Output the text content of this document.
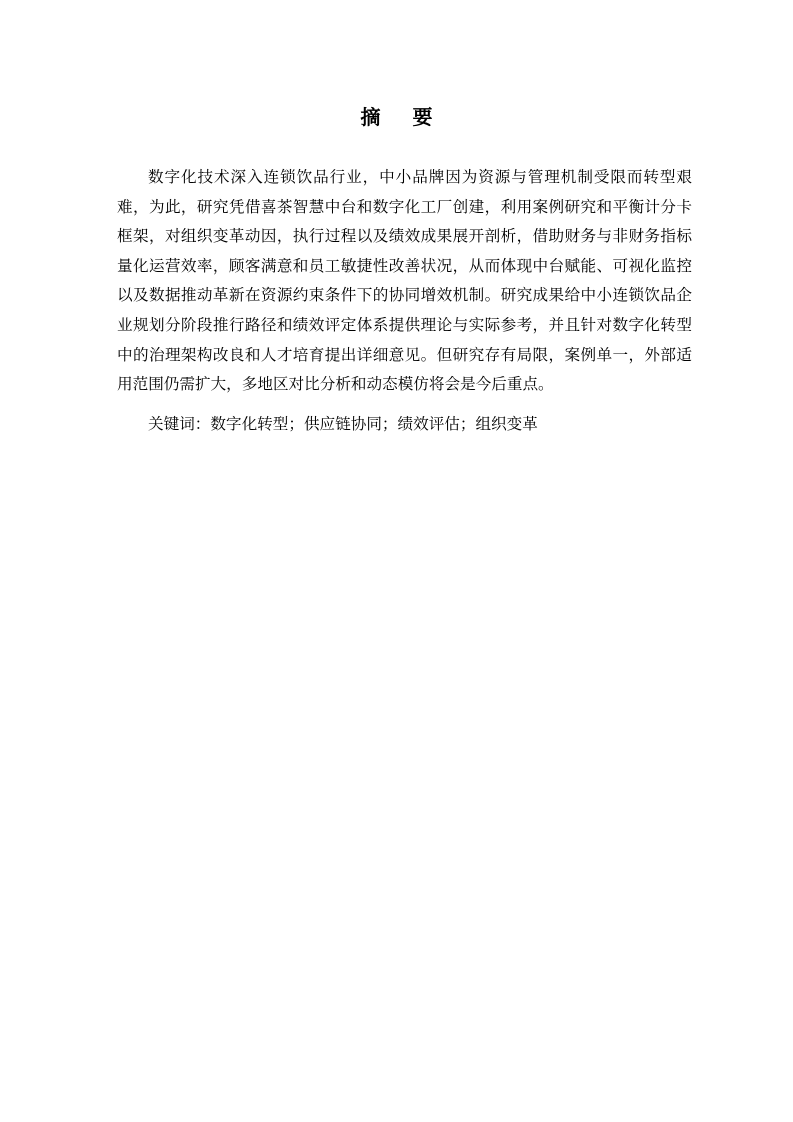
摘 要

数字化技术深入连锁饮品行业，中小品牌因为资源与管理机制受限而转型艰难，为此，研究凭借喜茶智慧中台和数字化工厂创建，利用案例研究和平衡计分卡框架，对组织变革动因，执行过程以及绩效成果展开剖析，借助财务与非财务指标量化运营效率，顾客满意和员工敏捷性改善状况，从而体现中台赋能、可视化监控以及数据推动革新在资源约束条件下的协同增效机制。研究成果给中小连锁饮品企业规划分阶段推行路径和绩效评定体系提供理论与实际参考，并且针对数字化转型中的治理架构改良和人才培育提出详细意见。但研究存有局限，案例单一，外部适用范围仍需扩大，多地区对比分析和动态模仿将会是今后重点。

关键词：数字化转型；供应链协同；绩效评估；组织变革
